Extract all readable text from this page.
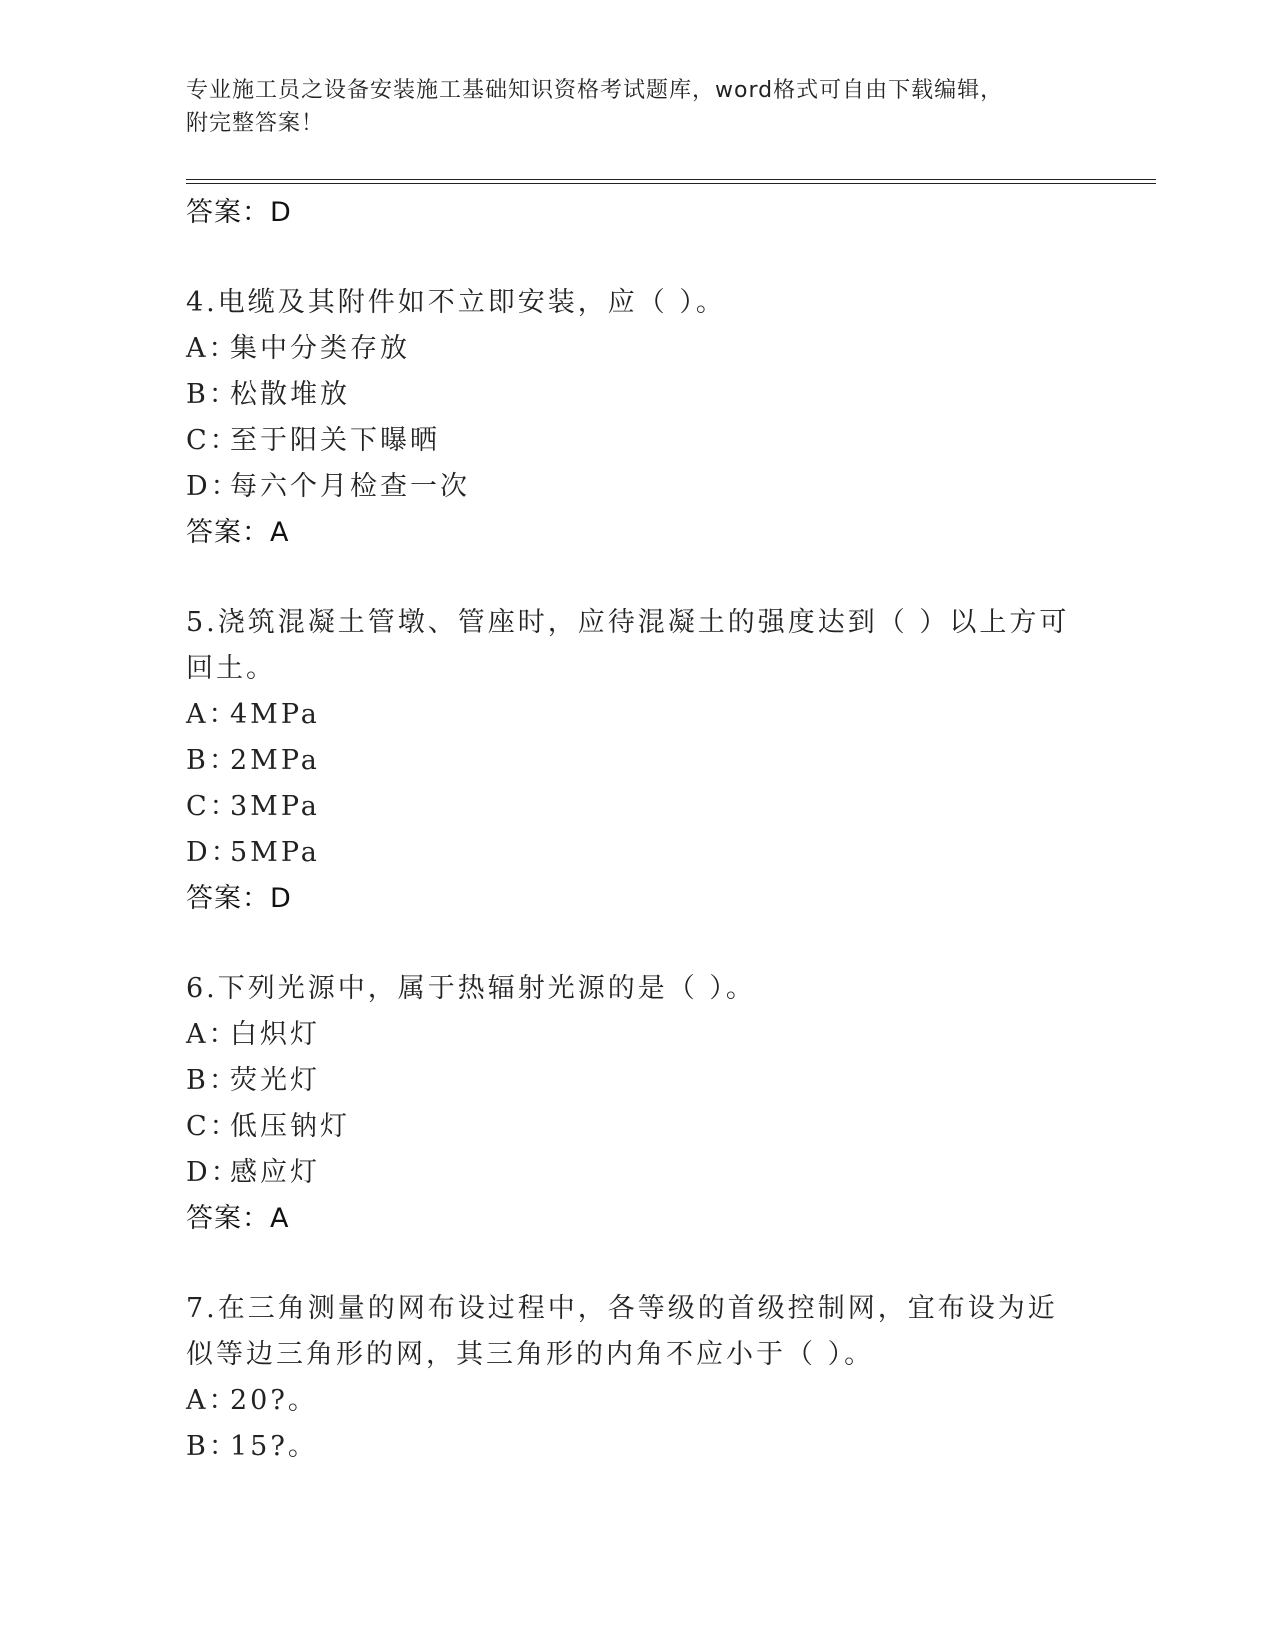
专业施工员之设备安装施工基础知识资格考试题库，word格式可自由下载编辑，
附完整答案！
答案：D
4.电缆及其附件如不立即安装，应（ ）。
A：集中分类存放
B：松散堆放
C：至于阳关下曝晒
D：每六个月检查一次
答案：A
5.浇筑混凝土管墩、管座时，应待混凝土的强度达到（ ）以上方可回土。
A：4MPa
B：2MPa
C：3MPa
D：5MPa
答案：D
6.下列光源中，属于热辐射光源的是（ ）。
A：白炽灯
B：荧光灯
C：低压钠灯
D：感应灯
答案：A
7.在三角测量的网布设过程中，各等级的首级控制网，宜布设为近似等边三角形的网，其三角形的内角不应小于（ ）。
A：20?。
B：15?。
